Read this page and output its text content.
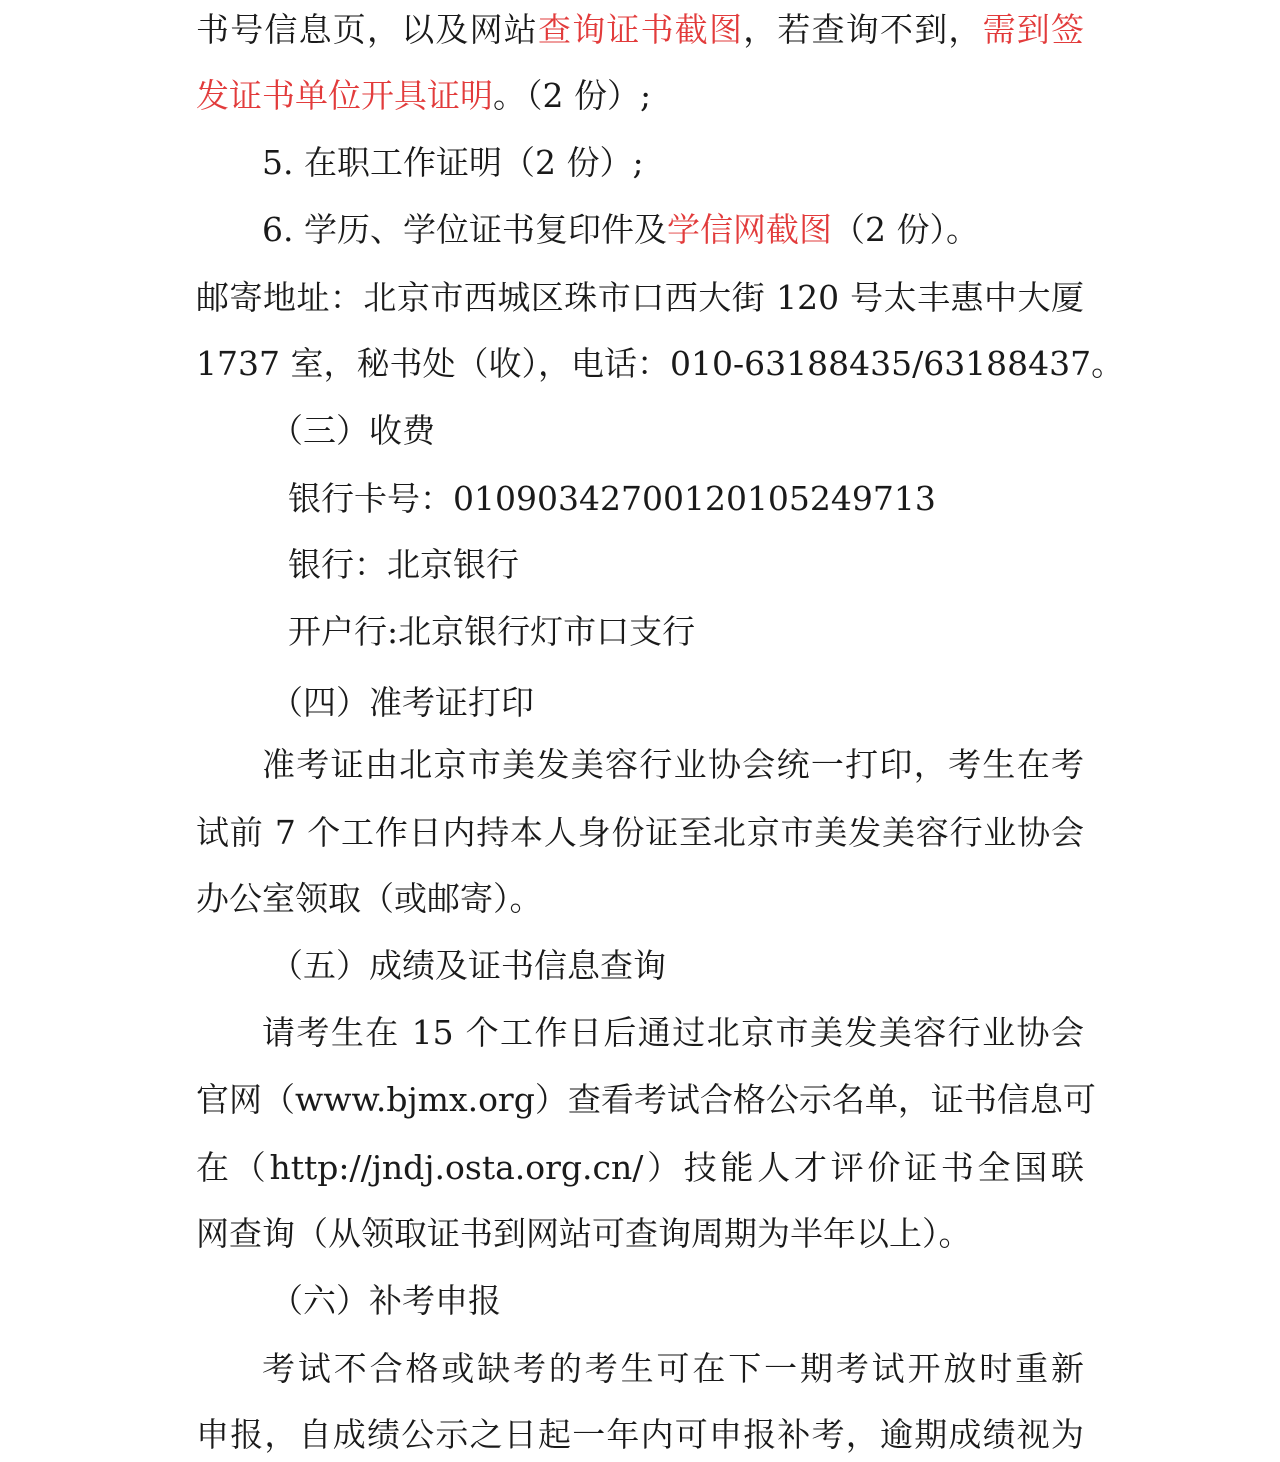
书号信息页，以及网站查询证书截图，若查询不到，需到签
发证书单位开具证明。（2 份）;
5. 在职工作证明（2 份）;
6. 学历、学位证书复印件及学信网截图（2 份）。
邮寄地址：北京市西城区珠市口西大街 120 号太丰惠中大厦
1737 室，秘书处（收），电话：010-63188435/63188437。
（三）收费
银行卡号：01090342700120105249713
银行：北京银行
开户行:北京银行灯市口支行
（四）准考证打印
准考证由北京市美发美容行业协会统一打印，考生在考
试前 7 个工作日内持本人身份证至北京市美发美容行业协会
办公室领取（或邮寄）。
（五）成绩及证书信息查询
请考生在 15 个工作日后通过北京市美发美容行业协会
官网（www.bjmx.org）查看考试合格公示名单，证书信息可
在（http://jndj.osta.org.cn/）技能人才评价证书全国联
网查询（从领取证书到网站可查询周期为半年以上）。
（六）补考申报
考试不合格或缺考的考生可在下一期考试开放时重新
申报，自成绩公示之日起一年内可申报补考，逾期成绩视为
